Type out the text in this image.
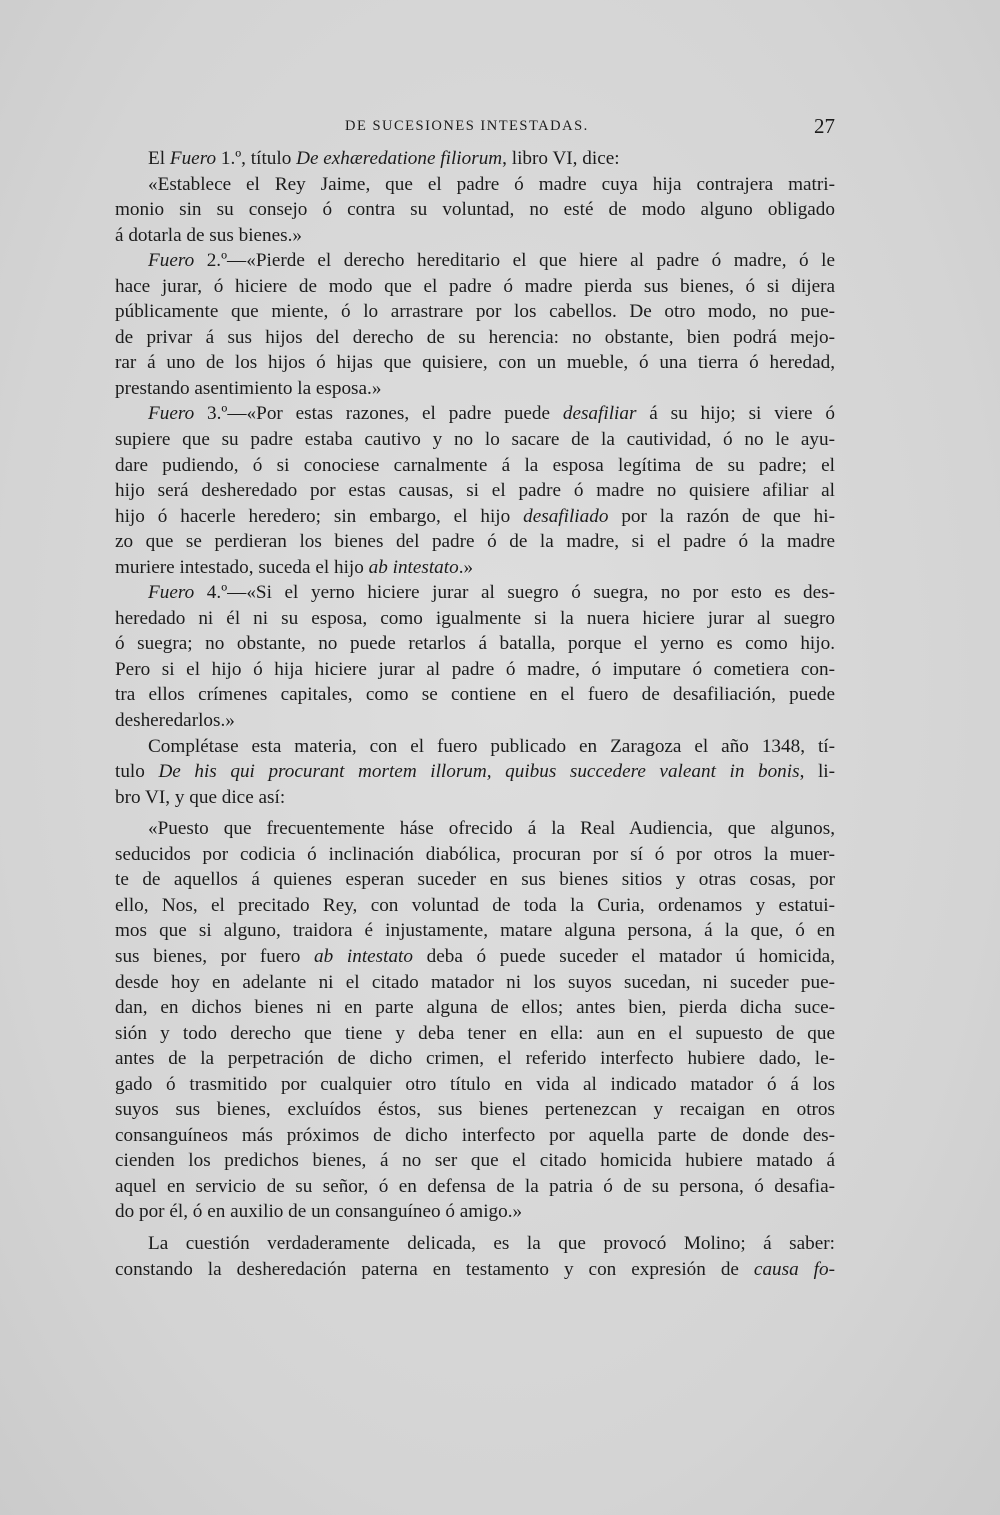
DE SUCESIONES INTESTADAS.	27
El Fuero 1.º, título De exhæredatione filiorum, libro VI, dice:
«Establece el Rey Jaime, que el padre ó madre cuya hija contrajera matri-
monio sin su consejo ó contra su voluntad, no esté de modo alguno obligado
á dotarla de sus bienes.»
Fuero 2.º—«Pierde el derecho hereditario el que hiere al padre ó madre, ó le
hace jurar, ó hiciere de modo que el padre ó madre pierda sus bienes, ó si dijera
públicamente que miente, ó lo arrastrare por los cabellos. De otro modo, no pue-
de privar á sus hijos del derecho de su herencia: no obstante, bien podrá mejo-
rar á uno de los hijos ó hijas que quisiere, con un mueble, ó una tierra ó heredad,
prestando asentimiento la esposa.»
Fuero 3.º—«Por estas razones, el padre puede desafiliar á su hijo; si viere ó
supiere que su padre estaba cautivo y no lo sacare de la cautividad, ó no le ayu-
dare pudiendo, ó si conociese carnalmente á la esposa legítima de su padre; el
hijo será desheredado por estas causas, si el padre ó madre no quisiere afiliar al
hijo ó hacerle heredero; sin embargo, el hijo desafiliado por la razón de que hi-
zo que se perdieran los bienes del padre ó de la madre, si el padre ó la madre
muriere intestado, suceda el hijo ab intestato.»
Fuero 4.º—«Si el yerno hiciere jurar al suegro ó suegra, no por esto es des-
heredado ni él ni su esposa, como igualmente si la nuera hiciere jurar al suegro
ó suegra; no obstante, no puede retarlos á batalla, porque el yerno es como hijo.
Pero si el hijo ó hija hiciere jurar al padre ó madre, ó imputare ó cometiera con-
tra ellos crímenes capitales, como se contiene en el fuero de desafiliación, puede
desheredarlos.»
Complétase esta materia, con el fuero publicado en Zaragoza el año 1348, tí-
tulo De his qui procurant mortem illorum, quibus succedere valeant in bonis, li-
bro VI, y que dice así:
«Puesto que frecuentemente háse ofrecido á la Real Audiencia, que algunos,
seducidos por codicia ó inclinación diabólica, procuran por sí ó por otros la muer-
te de aquellos á quienes esperan suceder en sus bienes sitios y otras cosas, por
ello, Nos, el precitado Rey, con voluntad de toda la Curia, ordenamos y estatui-
mos que si alguno, traidora é injustamente, matare alguna persona, á la que, ó en
sus bienes, por fuero ab intestato deba ó puede suceder el matador ú homicida,
desde hoy en adelante ni el citado matador ni los suyos sucedan, ni suceder pue-
dan, en dichos bienes ni en parte alguna de ellos; antes bien, pierda dicha suce-
sión y todo derecho que tiene y deba tener en ella: aun en el supuesto de que
antes de la perpetración de dicho crimen, el referido interfecto hubiere dado, le-
gado ó trasmitido por cualquier otro título en vida al indicado matador ó á los
suyos sus bienes, excluídos éstos, sus bienes pertenezcan y recaigan en otros
consanguíneos más próximos de dicho interfecto por aquella parte de donde des-
cienden los predichos bienes, á no ser que el citado homicida hubiere matado á
aquel en servicio de su señor, ó en defensa de la patria ó de su persona, ó desafia-
do por él, ó en auxilio de un consanguíneo ó amigo.»
La cuestión verdaderamente delicada, es la que provocó Molino; á saber:
constando la desheredación paterna en testamento y con expresión de causa fo-
